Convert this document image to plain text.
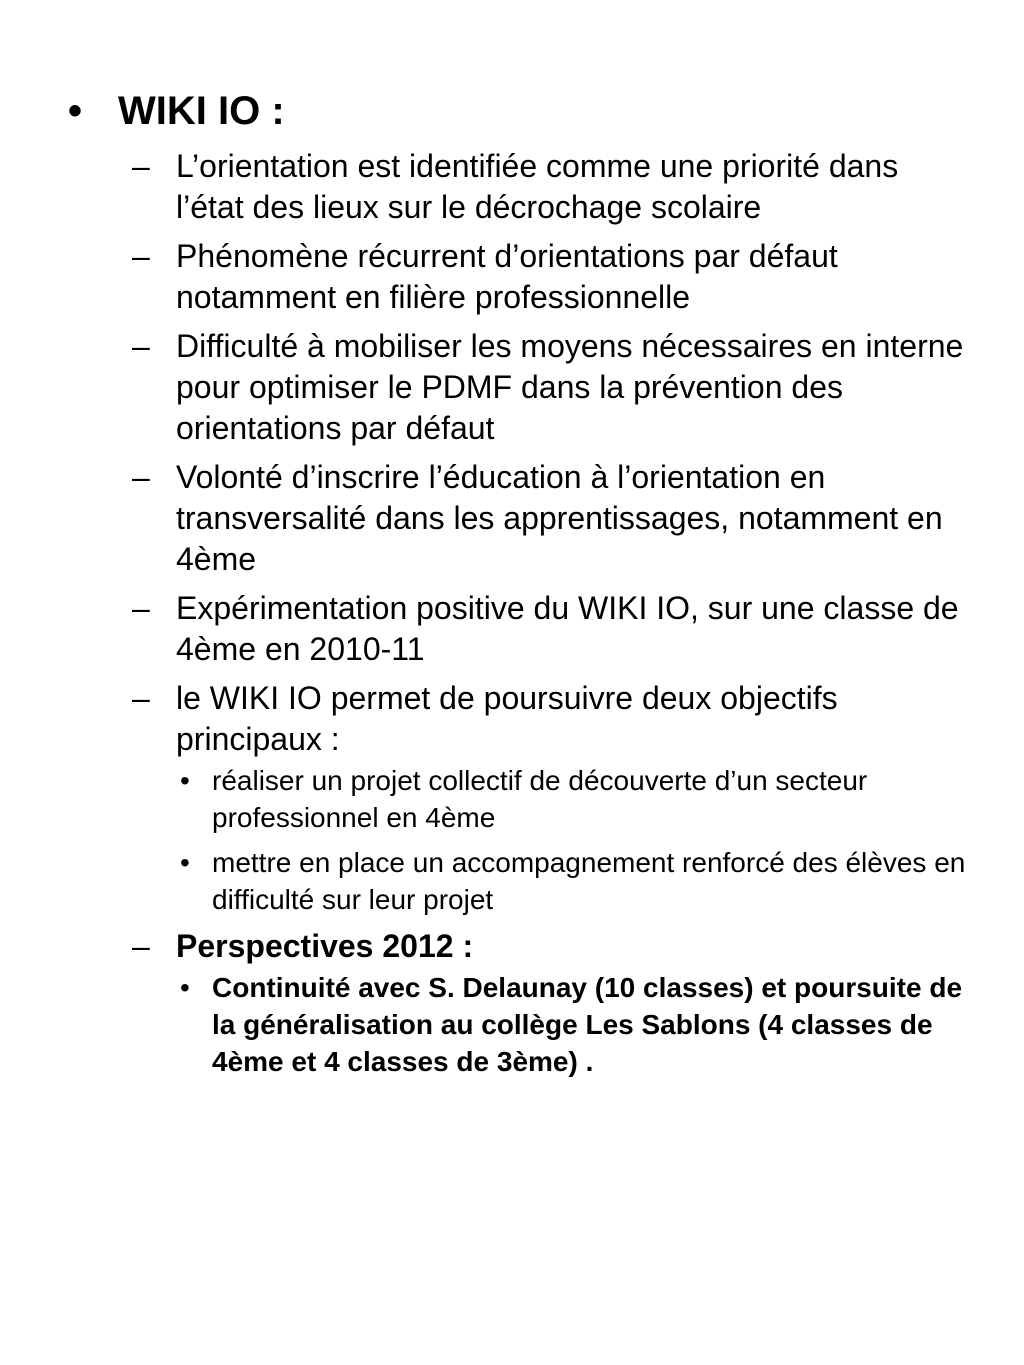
• WIKI IO :
– L’orientation est identifiée comme une priorité dans l’état des lieux sur le décrochage scolaire
– Phénomène récurrent d’orientations par défaut notamment en filière professionnelle
– Difficulté à mobiliser les moyens nécessaires en interne pour optimiser le PDMF dans la prévention des orientations par défaut
– Volonté d’inscrire l’éducation à l’orientation en transversalité dans les apprentissages, notamment en 4ème
– Expérimentation positive du WIKI IO, sur une classe de 4ème en 2010-11
– le WIKI IO permet de poursuivre deux objectifs principaux :
• réaliser un projet collectif de découverte d’un secteur professionnel en 4ème
• mettre en place un accompagnement renforcé des élèves en difficulté sur leur projet
– Perspectives 2012 :
• Continuité avec S. Delaunay (10 classes) et poursuite de la généralisation au collège Les Sablons (4 classes de 4ème et 4 classes de 3ème) .
